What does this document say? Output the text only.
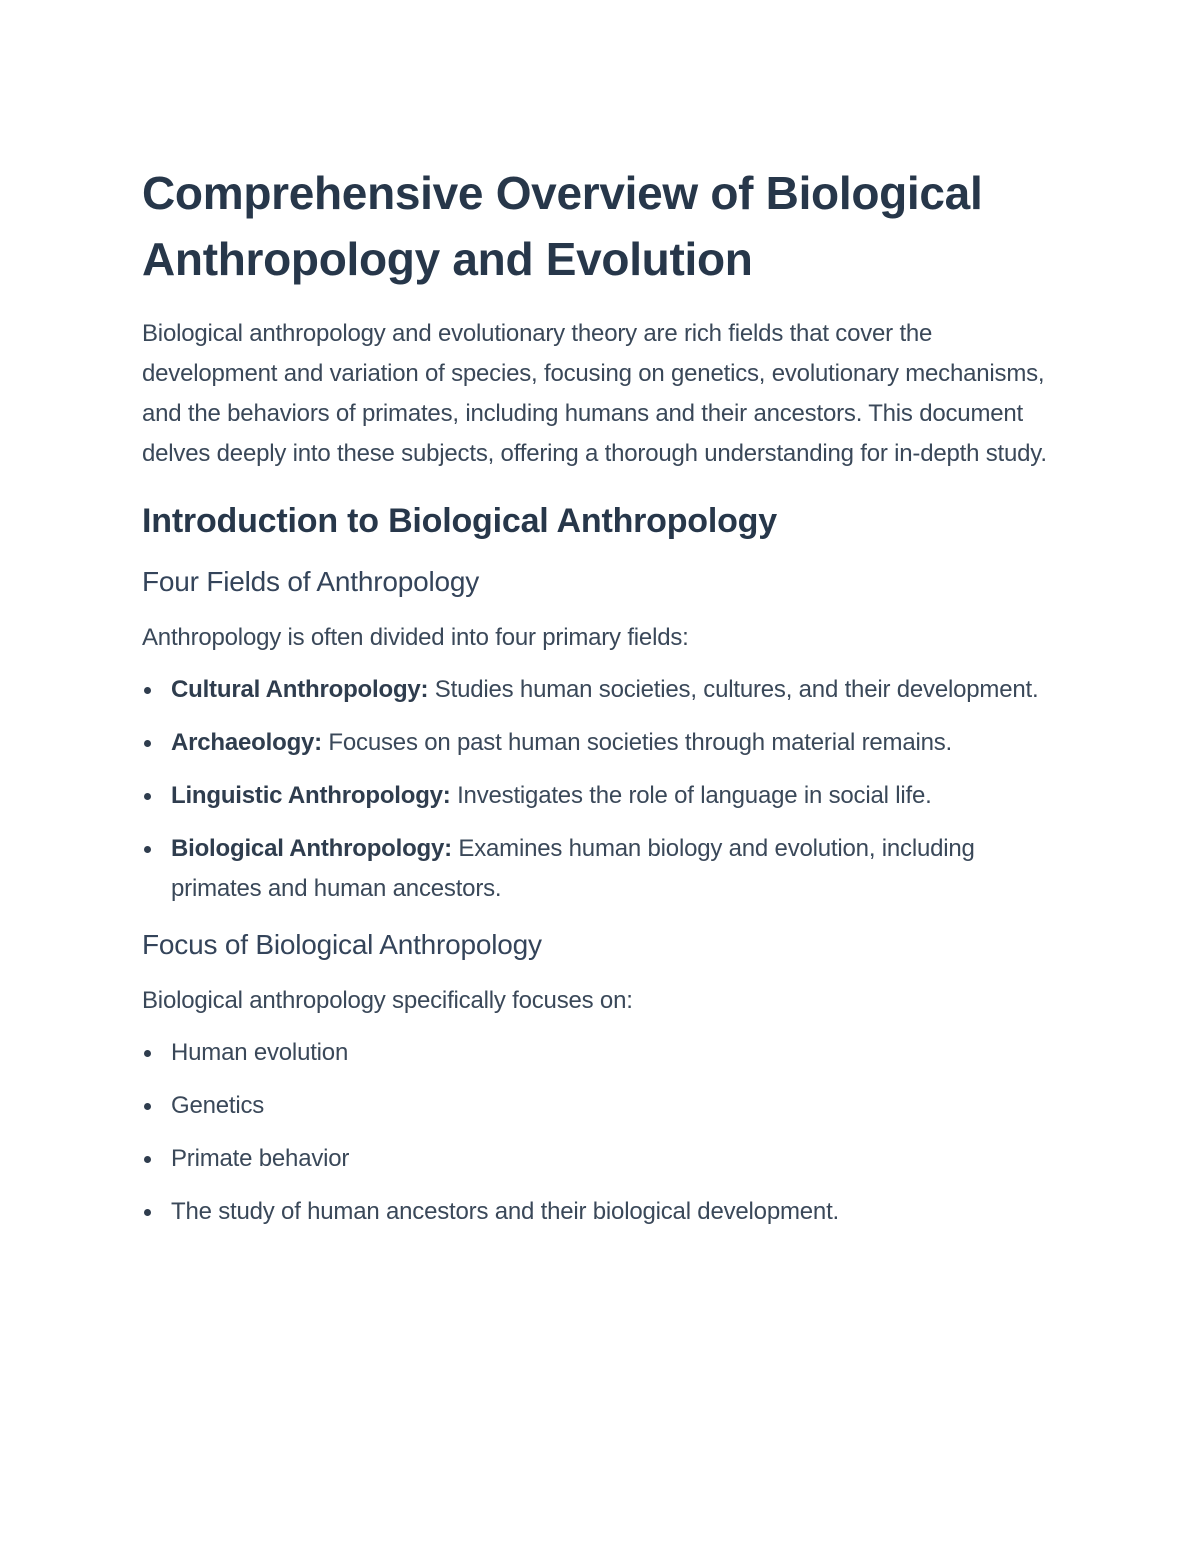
Comprehensive Overview of Biological Anthropology and Evolution

Biological anthropology and evolutionary theory are rich fields that cover the development and variation of species, focusing on genetics, evolutionary mechanisms, and the behaviors of primates, including humans and their ancestors. This document delves deeply into these subjects, offering a thorough understanding for in-depth study.

Introduction to Biological Anthropology
Four Fields of Anthropology

Anthropology is often divided into four primary fields:

Cultural Anthropology: Studies human societies, cultures, and their development.
Archaeology: Focuses on past human societies through material remains.
Linguistic Anthropology: Investigates the role of language in social life.
Biological Anthropology: Examines human biology and evolution, including primates and human ancestors.
Focus of Biological Anthropology

Biological anthropology specifically focuses on:

Human evolution
Genetics
Primate behavior
The study of human ancestors and their biological development.
